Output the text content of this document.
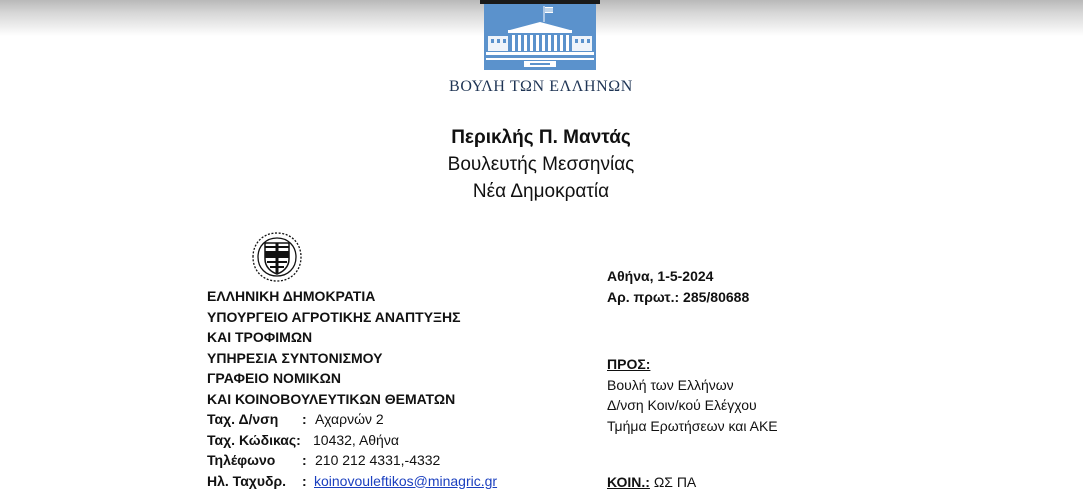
ΒΟΥΛΗ ΤΩΝ ΕΛΛΗΝΩΝ
Περικλής Π. Μαντάς
Βουλευτής Μεσσηνίας
Νέα Δημοκρατία
ΕΛΛΗΝΙΚΗ ΔΗΜΟΚΡΑΤΙΑ
ΥΠΟΥΡΓΕΙΟ ΑΓΡΟΤΙΚΗΣ ΑΝΑΠΤΥΞΗΣ
ΚΑΙ ΤΡΟΦΙΜΩΝ
ΥΠΗΡΕΣΙΑ ΣΥΝΤΟΝΙΣΜΟΥ
ΓΡΑΦΕΙΟ ΝΟΜΙΚΩΝ
ΚΑΙ ΚΟΙΝΟΒΟΥΛΕΥΤΙΚΩΝ ΘΕΜΑΤΩΝ
Ταχ. Δ/νση : Αχαρνών 2
Ταχ. Κώδικας: 10432, Αθήνα
Τηλέφωνο : 210 212 4331,-4332
Ηλ. Ταχυδρ. : koinovouleftikos@minagric.gr
Αθήνα, 1-5-2024
Αρ. πρωτ.: 285/80688
ΠΡΟΣ:
Βουλή των Ελλήνων
Δ/νση Κοιν/κού Ελέγχου
Τμήμα Ερωτήσεων και ΑΚΕ
ΚΟΙΝ.: ΩΣ ΠΑ
